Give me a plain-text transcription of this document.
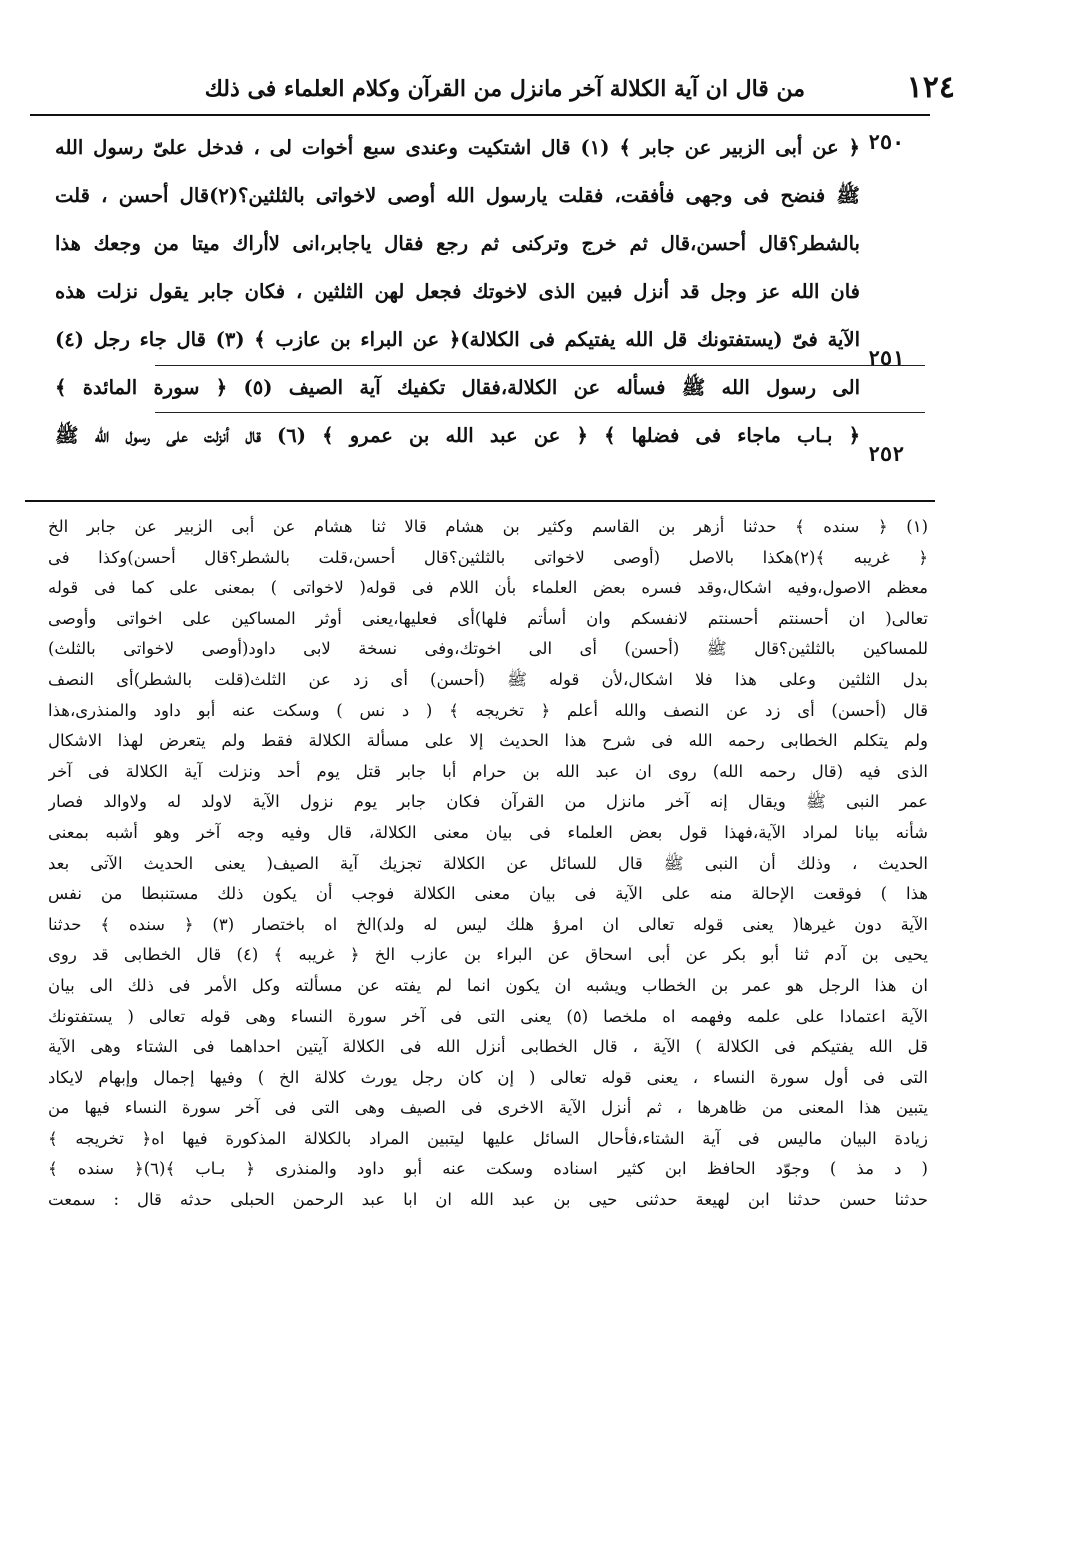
١٢٤
من قال ان آية الكلالة آخر مانزل من القرآن وكلام العلماء فى ذلك
٢٥٠
٢٥١
٢٥٢
﴿ عن أبى الزبير عن جابر ﴾ (١) قال اشتكيت وعندى سبع أخوات لى ، فدخل علىّ رسول الله
ﷺ فنضح فى وجهى فأفقت، فقلت يارسول الله أوصى لاخواتى بالثلثين؟(٢)قال أحسن ، قلت
بالشطر؟قال أحسن،قال ثم خرج وتركنى ثم رجع فقال ياجابر،انى لاأراك ميتا من وجعك هذا
فان الله عز وجل قد أنزل فبين الذى لاخوتك فجعل لهن الثلثين ، فكان جابر يقول نزلت هذه
الآية فىّ (يستفتونك قل الله يفتيكم فى الكلالة)﴿ عن البراء بن عازب ﴾ (٣) قال جاء رجل (٤)
الى رسول الله ﷺ فسأله عن الكلالة،فقال تكفيك آية الصيف (٥) ﴿ سورة المائدة ﴾
﴿ بـاب ماجاء فى فضلها ﴾ ﴿ عن عبد الله بن عمرو ﴾ (٦) قال أنزلت على رسول الله ﷺ
(١) ﴿ سنده ﴾ حدثنا أزهر بن القاسم وكثير بن هشام قالا ثنا هشام عن أبى الزبير عن جابر الخ
﴿ غريبه ﴾(٢)هكذا بالاصل (أوصى لاخواتى بالثلثين؟قال أحسن،قلت بالشطر؟قال أحسن)وكذا فى
معظم الاصول،وفيه اشكال،وقد فسره بعض العلماء بأن اللام فى قوله( لاخواتى ) بمعنى على كما فى قوله
تعالى( ان أحسنتم أحسنتم لانفسكم وان أسأتم فلها)أى فعليها،يعنى أوثر المساكين على اخواتى وأوصى
للمساكين بالثلثين؟قال ﷺ (أحسن) أى الى اخوتك،وفى نسخة لابى داود(أوصى لاخواتى بالثلث)
بدل الثلثين وعلى هذا فلا اشكال،لأن قوله ﷺ (أحسن) أى زد عن الثلث(قلت بالشطر)أى النصف
قال (أحسن) أى زد عن النصف والله أعلم ﴿ تخريجه ﴾ ( د نس ) وسكت عنه أبو داود والمنذرى،هذا
ولم يتكلم الخطابى رحمه الله فى شرح هذا الحديث إلا على مسألة الكلالة فقط ولم يتعرض لهذا الاشكال
الذى فيه (قال رحمه الله) روى ان عبد الله بن حرام أبا جابر قتل يوم أحد ونزلت آية الكلالة فى آخر
عمر النبى ﷺ ويقال إنه آخر مانزل من القرآن فكان جابر يوم نزول الآية لاولد له ولاوالد فصار
شأنه بيانا لمراد الآية،فهذا قول بعض العلماء فى بيان معنى الكلالة، قال وفيه وجه آخر وهو أشبه بمعنى
الحديث ، وذلك أن النبى ﷺ قال للسائل عن الكلالة تجزيك آية الصيف( يعنى الحديث الآتى بعد
هذا ) فوقعت الإحالة منه على الآية فى بيان معنى الكلالة فوجب أن يكون ذلك مستنبطا من نفس
الآية دون غيرها( يعنى قوله تعالى ان امرؤ هلك ليس له ولد)الخ اه باختصار (٣) ﴿ سنده ﴾ حدثنا
يحيى بن آدم ثنا أبو بكر عن أبى اسحاق عن البراء بن عازب الخ ﴿ غريبه ﴾ (٤) قال الخطابى قد روى
ان هذا الرجل هو عمر بن الخطاب ويشبه ان يكون انما لم يفته عن مسألته وكل الأمر فى ذلك الى بيان
الآية اعتمادا على علمه وفهمه اه ملخصا (٥) يعنى التى فى آخر سورة النساء وهى قوله تعالى ( يستفتونك
قل الله يفتيكم فى الكلالة ) الآية ، قال الخطابى أنزل الله فى الكلالة آيتين احداهما فى الشتاء وهى الآية
التى فى أول سورة النساء ، يعنى قوله تعالى ( إن كان رجل يورث كلالة الخ ) وفيها إجمال وإبهام لايكاد
يتبين هذا المعنى من ظاهرها ، ثم أنزل الآية الاخرى فى الصيف وهى التى فى آخر سورة النساء فيها من
زيادة البيان ماليس فى آية الشتاء،فأحال السائل عليها ليتبين المراد بالكلالة المذكورة فيها اه﴿ تخريجه ﴾
( د مذ ) وجوّد الحافظ ابن كثير اسناده وسكت عنه أبو داود والمنذرى ﴿ بـاب ﴾(٦)﴿ سنده ﴾
حدثنا حسن حدثنا ابن لهيعة حدثنى حيى بن عبد الله ان ابا عبد الرحمن الحبلى حدثه قال : سمعت
